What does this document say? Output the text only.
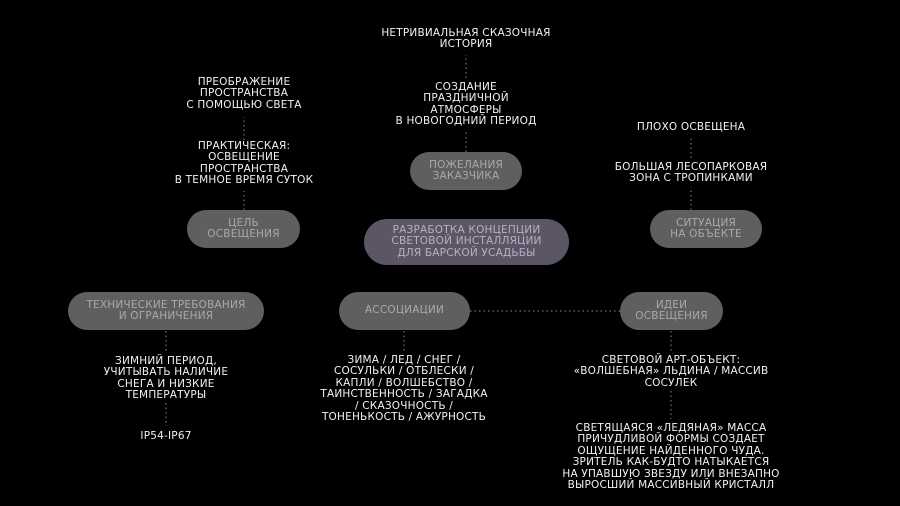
РАЗРАБОТКА КОНЦЕПЦИИ
СВЕТОВОЙ ИНСТАЛЛЯЦИИ
ДЛЯ БАРСКОЙ УСАДЬБЫ
ЦЕЛЬ
ОСВЕЩЕНИЯ
ПОЖЕЛАНИЯ
ЗАКАЗЧИКА
СИТУАЦИЯ
НА ОБЪЕКТЕ
ТЕХНИЧЕСКИЕ ТРЕБОВАНИЯ
И ОГРАНИЧЕНИЯ	АССОЦИАЦИИ	ИДЕИ
ОСВЕЩЕНИЯ
ПРАКТИЧЕСКАЯ:
ОСВЕЩЕНИЕ
ПРОСТРАНСТВА
В ТЕМНОЕ ВРЕМЯ СУТОК
ПРЕОБРАЖЕНИЕ
ПРОСТРАНСТВА
С ПОМОЩЬЮ СВЕТА
СОЗДАНИЕ
ПРАЗДНИЧНОЙ
АТМОСФЕРЫ
В НОВОГОДНИЙ ПЕРИОД
НЕТРИВИАЛЬНАЯ СКАЗОЧНАЯ
ИСТОРИЯ
БОЛЬШАЯ ЛЕСОПАРКОВАЯ
ЗОНА С ТРОПИНКАМИ
ПЛОХО ОСВЕЩЕНА
ЗИМНИЙ ПЕРИОД,
УЧИТЫВАТЬ НАЛИЧИЕ
СНЕГА И НИЗКИЕ
ТЕМПЕРАТУРЫ
IP54-IP67
ЗИМА / ЛЕД / СНЕГ /
СОСУЛЬКИ / ОТБЛЕСКИ /
КАПЛИ / ВОЛШЕБСТВО /
ТАИНСТВЕННОСТЬ / ЗАГАДКА
/ СКАЗОЧНОСТЬ /
ТОНЕНЬКОСТЬ / АЖУРНОСТЬ
СВЕТОВОЙ АРТ-ОБЪЕКТ:
«ВОЛШЕБНАЯ» ЛЬДИНА / МАССИВ
СОСУЛЕК
СВЕТЯЩАЯСЯ «ЛЕДЯНАЯ» МАССА
ПРИЧУДЛИВОЙ ФОРМЫ СОЗДАЕТ
ОЩУЩЕНИЕ НАЙДЕННОГО ЧУДА.
ЗРИТЕЛЬ КАК-БУДТО НАТЫКАЕТСЯ
НА УПАВШУЮ ЗВЕЗДУ ИЛИ ВНЕЗАПНО
ВЫРОСШИЙ МАССИВНЫЙ КРИСТАЛЛ
